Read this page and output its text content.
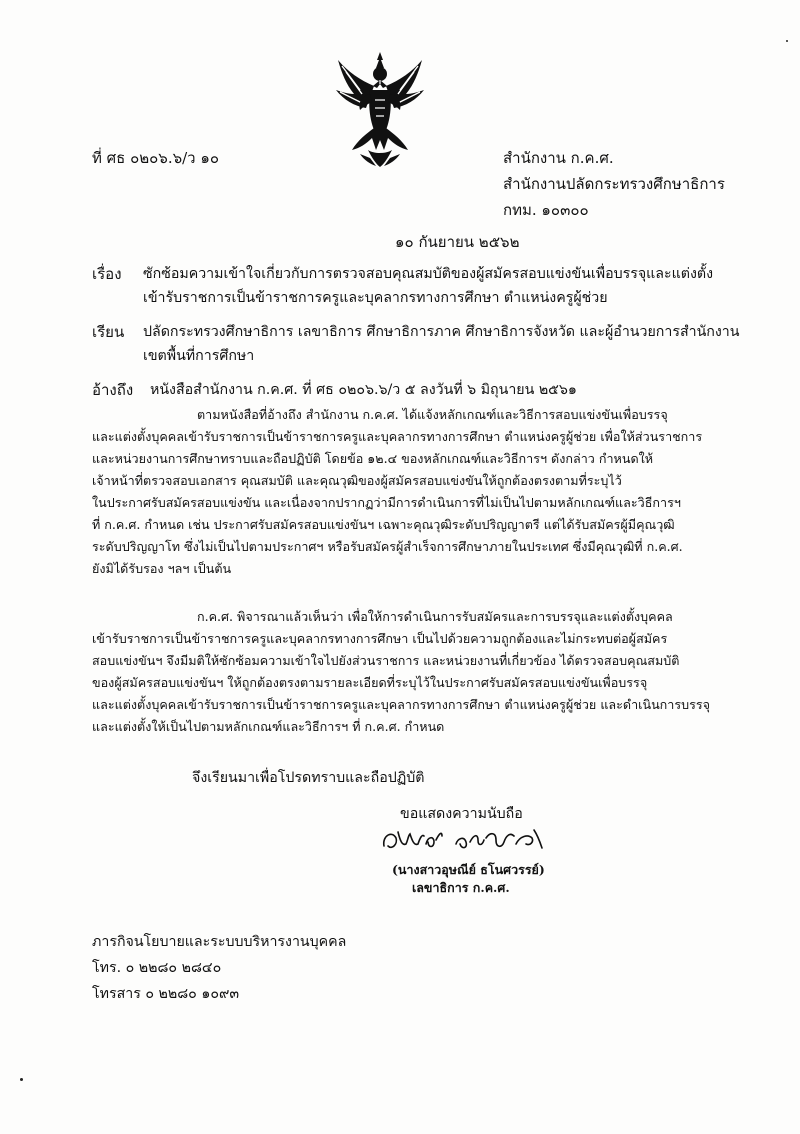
ที่ ศธ ๐๒๐๖.๖/ว ๑๐	สำนักงาน ก.ค.ศ.
สำนักงานปลัดกระทรวงศึกษาธิการ
กทม. ๑๐๓๐๐
๑๐ กันยายน ๒๕๖๒
เรื่อง ซักซ้อมความเข้าใจเกี่ยวกับการตรวจสอบคุณสมบัติของผู้สมัครสอบแข่งขันเพื่อบรรจุและแต่งตั้ง
เข้ารับราชการเป็นข้าราชการครูและบุคลากรทางการศึกษา ตำแหน่งครูผู้ช่วย
เรียน ปลัดกระทรวงศึกษาธิการ เลขาธิการ ศึกษาธิการภาค ศึกษาธิการจังหวัด และผู้อำนวยการสำนักงาน
เขตพื้นที่การศึกษา
อ้างถึง หนังสือสำนักงาน ก.ค.ศ. ที่ ศธ ๐๒๐๖.๖/ว ๕ ลงวันที่ ๖ มิถุนายน ๒๕๖๑
ตามหนังสือที่อ้างถึง สำนักงาน ก.ค.ศ. ได้แจ้งหลักเกณฑ์และวิธีการสอบแข่งขันเพื่อบรรจุ
และแต่งตั้งบุคคลเข้ารับราชการเป็นข้าราชการครูและบุคลากรทางการศึกษา ตำแหน่งครูผู้ช่วย เพื่อให้ส่วนราชการ
และหน่วยงานการศึกษาทราบและถือปฏิบัติ โดยข้อ ๑๒.๔ ของหลักเกณฑ์และวิธีการฯ ดังกล่าว กำหนดให้
เจ้าหน้าที่ตรวจสอบเอกสาร คุณสมบัติ และคุณวุฒิของผู้สมัครสอบแข่งขันให้ถูกต้องตรงตามที่ระบุไว้
ในประกาศรับสมัครสอบแข่งขัน และเนื่องจากปรากฏว่ามีการดำเนินการที่ไม่เป็นไปตามหลักเกณฑ์และวิธีการฯ
ที่ ก.ค.ศ. กำหนด เช่น ประกาศรับสมัครสอบแข่งขันฯ เฉพาะคุณวุฒิระดับปริญญาตรี แต่ได้รับสมัครผู้มีคุณวุฒิ
ระดับปริญญาโท ซึ่งไม่เป็นไปตามประกาศฯ หรือรับสมัครผู้สำเร็จการศึกษาภายในประเทศ ซึ่งมีคุณวุฒิที่ ก.ค.ศ.
ยังมิได้รับรอง ฯลฯ เป็นต้น
ก.ค.ศ. พิจารณาแล้วเห็นว่า เพื่อให้การดำเนินการรับสมัครและการบรรจุและแต่งตั้งบุคคล
เข้ารับราชการเป็นข้าราชการครูและบุคลากรทางการศึกษา เป็นไปด้วยความถูกต้องและไม่กระทบต่อผู้สมัคร
สอบแข่งขันฯ จึงมีมติให้ซักซ้อมความเข้าใจไปยังส่วนราชการ และหน่วยงานที่เกี่ยวข้อง ได้ตรวจสอบคุณสมบัติ
ของผู้สมัครสอบแข่งขันฯ ให้ถูกต้องตรงตามรายละเอียดที่ระบุไว้ในประกาศรับสมัครสอบแข่งขันเพื่อบรรจุ
และแต่งตั้งบุคคลเข้ารับราชการเป็นข้าราชการครูและบุคลากรทางการศึกษา ตำแหน่งครูผู้ช่วย และดำเนินการบรรจุ
และแต่งตั้งให้เป็นไปตามหลักเกณฑ์และวิธีการฯ ที่ ก.ค.ศ. กำหนด
จึงเรียนมาเพื่อโปรดทราบและถือปฏิบัติ
ขอแสดงความนับถือ
(นางสาวอุษณีย์ ธโนศวรรย์)
เลขาธิการ ก.ค.ศ.
ภารกิจนโยบายและระบบบริหารงานบุคคล
โทร. ๐ ๒๒๘๐ ๒๘๔๐
โทรสาร ๐ ๒๒๘๐ ๑๐๙๓
